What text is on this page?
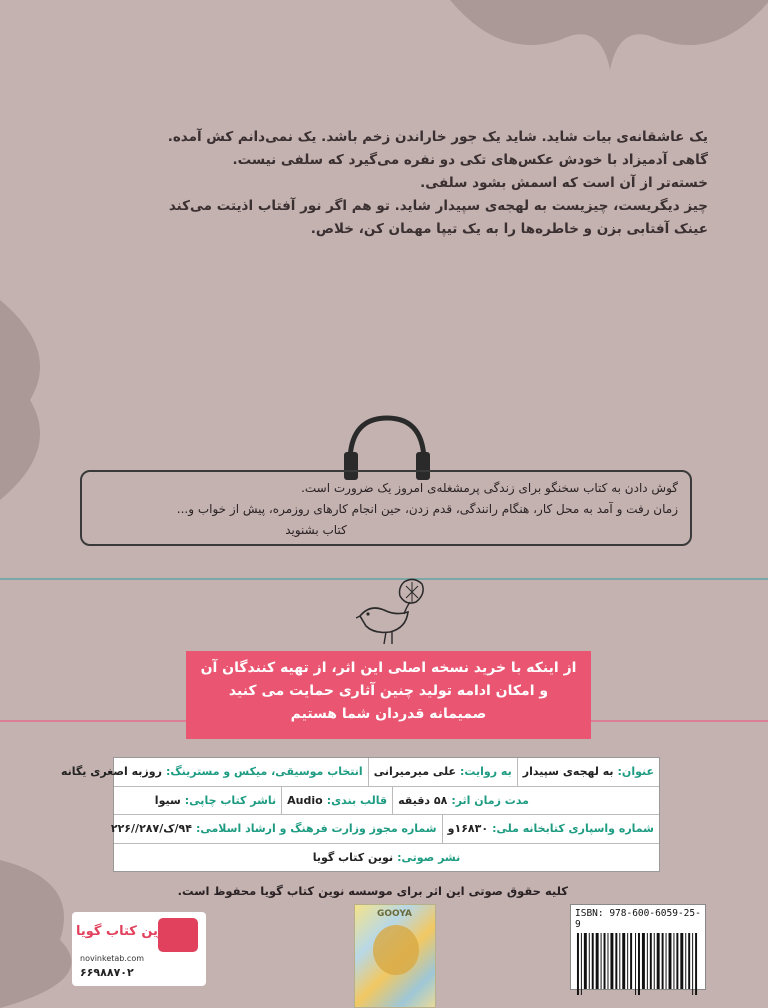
یک عاشقانه‌ی بیات شاید. شاید یک جور خاراندن زخم باشد. یک نمی‌دانم کش آمده.
گاهی آدمیزاد با خودش عکس‌های تکی دو نفره می‌گیرد که سلفی نیست.
خسته‌تر از آن است که اسمش بشود سلفی.
چیز دیگریست، چیزیست به لهجه‌ی سپیدار شاید. تو هم اگر نور آفتاب اذیتت می‌کند
عینک آفتابی بزن و خاطره‌ها را به یک تیپا مهمان کن، خلاص.
گوش دادن به کتاب سخنگو برای زندگی پرمشغله‌ی امروز یک ضرورت است.
زمان رفت و آمد به محل کار، هنگام رانندگی، قدم زدن، حین انجام کارهای روزمره، پیش از خواب و...
کتاب بشنوید
از اینکه با خرید نسخه اصلی این اثر، از تهیه کنندگان آن
و امکان ادامه تولید چنین آثاری حمایت می کنید
صمیمانه قدردان شما هستیم
عنوان:
به لهجه‌ی سپیدار
به روایت:
علی میرمیرانی
انتخاب موسیقی، میکس و مسترینگ:
روزبه اصغری یگانه
مدت زمان اثر:
۵۸ دقیقه
قالب بندی:
Audio
ناشر کتاب چاپی:
سیوا
شماره واسپاری کتابخانه ملی:
۱۶۸۳۰و
شماره مجوز وزارت فرهنگ و ارشاد اسلامی:
۹۴/ک/۲۸۷//۲۲۶
نشر صوتی:
نوین کتاب گویا
کلیه حقوق صوتی این اثر برای موسسه نوین کتاب گویا محفوظ است.
ISBN: 978-600-6059-25-9
GOOYA
نوین کتاب گویا
novinketab.com
۶۶۹۸۸۷۰۲
